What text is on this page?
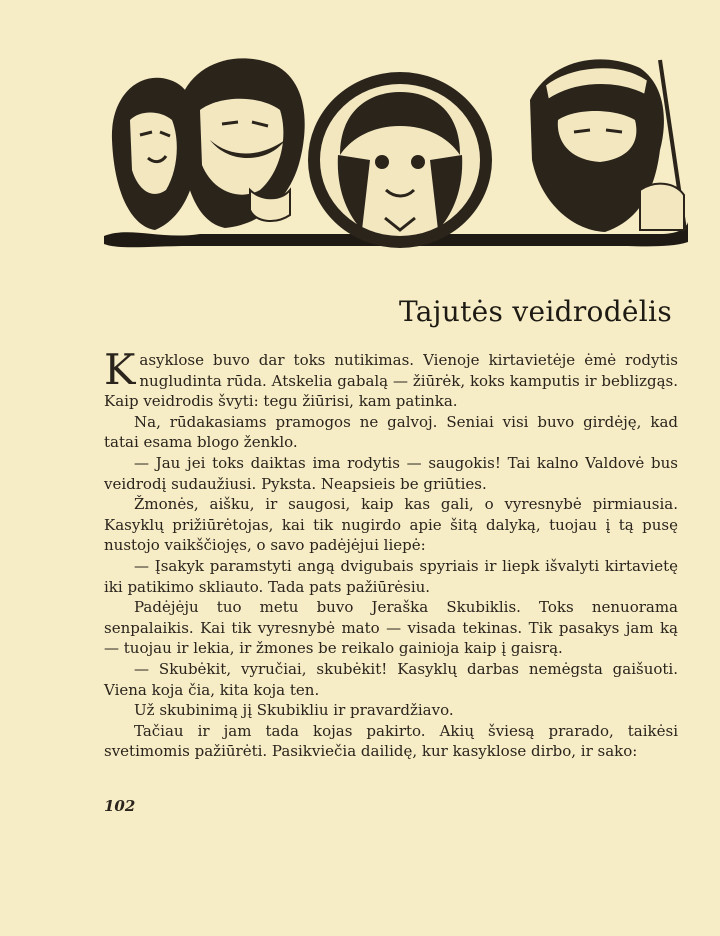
Tajutės veidrodėlis

Kasyklose buvo dar toks nutikimas. Vienoje kirtavietėje ėmė rodytis nugludinta rūda. Atskelia gabalą — žiūrėk, koks kamputis ir beblizgąs. Kaip veidrodis švyti: tegu žiūrisi, kam patinka.

Na, rūdakasiams pramogos ne galvoj. Seniai visi buvo girdėję, kad tatai esama blogo ženklo.

— Jau jei toks daiktas ima rodytis — saugokis! Tai kalno Valdovė bus veidrodį sudaužiusi. Pyksta. Neapsieis be griūties.

Žmonės, aišku, ir saugosi, kaip kas gali, o vyresnybė pirmiausia. Kasyklų prižiūrėtojas, kai tik nugirdo apie šitą dalyką, tuojau į tą pusę nustojo vaikščiojęs, o savo padėjėjui liepė:

— Įsakyk paramstyti angą dvigubais spyriais ir liepk išvalyti kirtavietę iki patikimo skliauto. Tada pats pažiūrėsiu.

Padėjėju tuo metu buvo Jeraška Skubiklis. Toks nenuorama senpalaikis. Kai tik vyresnybė mato — visada tekinas. Tik pasakys jam ką — tuojau ir lekia, ir žmones be reikalo gainioja kaip į gaisrą.

— Skubėkit, vyručiai, skubėkit! Kasyklų darbas nemėgsta gaišuoti. Viena koja čia, kita koja ten.

Už skubinimą jį Skubikliu ir pravardžiavo.

Tačiau ir jam tada kojas pakirto. Akių šviesą prarado, taikėsi svetimomis pažiūrėti. Pasikviečia dailidę, kur kasyklose dirbo, ir sako:

102
